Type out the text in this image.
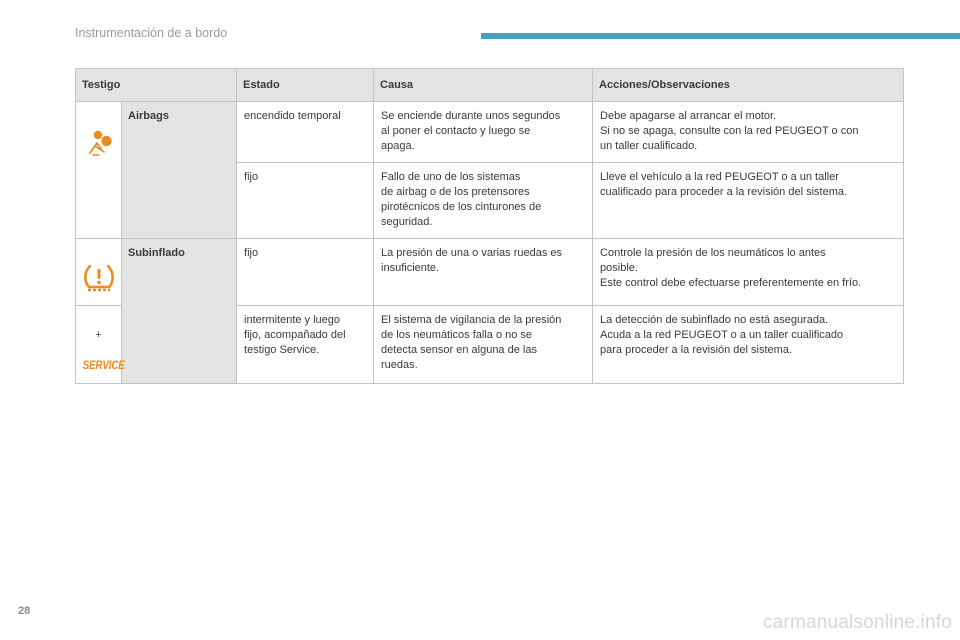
Instrumentación de a bordo
Testigo		Estado	Causa	Acciones/Observaciones

	Airbags	encendido temporal	Se enciende durante unos segundos
al poner el contacto y luego se
apaga.	Debe apagarse al arrancar el motor.
Si no se apaga, consulte con la red PEUGEOT o con
un taller cualificado.
		fijo	Fallo de uno de los sistemas
de airbag o de los pretensores
pirotécnicos de los cinturones de
seguridad.	Lleve el vehículo a la red PEUGEOT o a un taller
cualificado para proceder a la revisión del sistema.

	Subinflado	fijo	La presión de una o varias ruedas es
insuficiente.	Controle la presión de los neumáticos lo antes
posible.
Este control debe efectuarse preferentemente en frío.

+

SERVICE		intermitente y luego
fijo, acompañado del
testigo Service.	El sistema de vigilancia de la presión
de los neumáticos falla o no se
detecta sensor en alguna de las
ruedas.	La detección de subinflado no está asegurada.
Acuda a la red PEUGEOT o a un taller cualificado
para proceder a la revisión del sistema.
28
carmanualsonline.info
